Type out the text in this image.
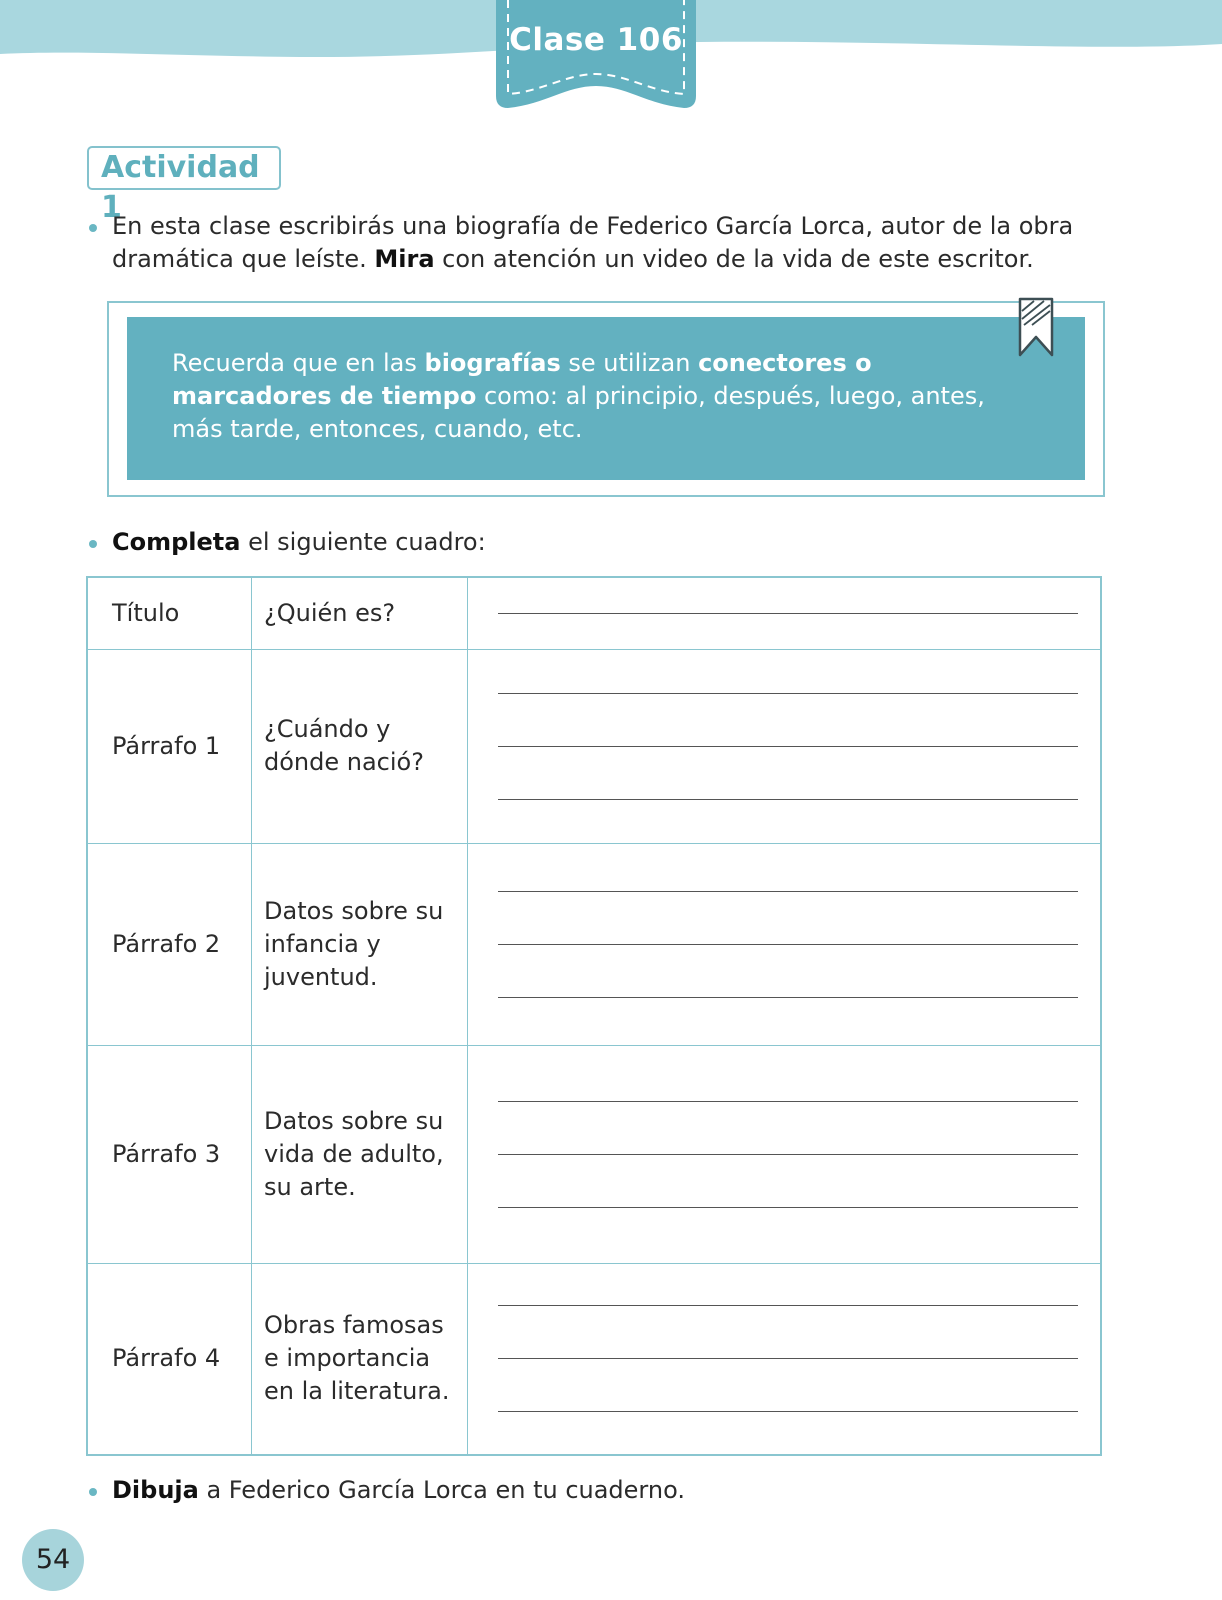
Clase 106
Actividad 1
En esta clase escribirás una biografía de Federico García Lorca, autor de la obra dramática que leíste. Mira con atención un video de la vida de este escritor.
Recuerda que en las biografías se utilizan conectores o marcadores de tiempo como: al principio, después, luego, antes, más tarde, entonces, cuando, etc.
Completa el siguiente cuadro:
Título	¿Quién es?	

Párrafo 1	¿Cuándo y dónde nació?	

Párrafo 2	Datos sobre su infancia y juventud.	

Párrafo 3	Datos sobre su vida de adulto, su arte.	

Párrafo 4	Obras famosas e importancia en la literatura.	
Dibuja a Federico García Lorca en tu cuaderno.
54
